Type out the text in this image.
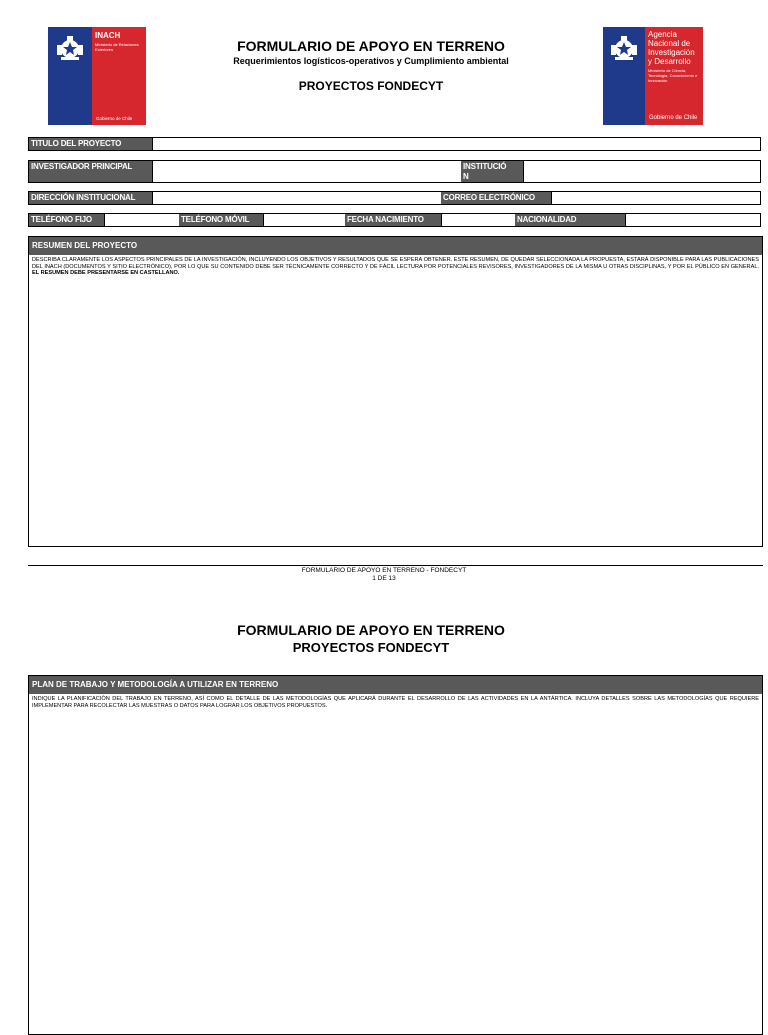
INACH
Ministerio de Relaciones Exteriores
Gobierno de Chile
FORMULARIO DE APOYO EN TERRENO
Requerimientos logísticos-operativos y Cumplimiento ambiental
PROYECTOS FONDECYT
Agencia Nacional de Investigación y Desarrollo
Ministerio de Ciencia, Tecnología, Conocimiento e Innovación
Gobierno de Chile
TITULO DEL PROYECTO
INVESTIGADOR PRINCIPAL	INSTITUCIÓ
N
DIRECCIÓN INSTITUCIONAL	CORREO ELECTRÓNICO
TELÉFONO FIJO	TELÉFONO MÓVIL	FECHA NACIMIENTO	NACIONALIDAD
RESUMEN DEL PROYECTO
DESCRIBA CLARAMENTE LOS ASPECTOS PRINCIPALES DE LA INVESTIGACIÓN, INCLUYENDO LOS OBJETIVOS Y RESULTADOS QUE SE ESPERA OBTENER. ESTE RESUMEN, DE QUEDAR SELECCIONADA LA PROPUESTA, ESTARÁ DISPONIBLE PARA LAS PUBLICACIONES DEL INACH (DOCUMENTOS Y SITIO ELECTRÓNICO), POR LO QUE SU CONTENIDO DEBE SER TÉCNICAMENTE CORRECTO Y DE FÁCIL LECTURA POR POTENCIALES REVISORES, INVESTIGADORES DE LA MISMA U OTRAS DISCIPLINAS, Y POR EL PÚBLICO EN GENERAL. EL RESUMEN DEBE PRESENTARSE EN CASTELLANO.
FORMULARIO DE APOYO EN TERRENO - FONDECYT
1 DE 13
FORMULARIO DE APOYO EN TERRENO
PROYECTOS FONDECYT
PLAN DE TRABAJO Y METODOLOGÍA A UTILIZAR EN TERRENO
INDIQUE LA PLANIFICACIÓN DEL TRABAJO EN TERRENO, ASÍ COMO EL DETALLE DE LAS METODOLOGÍAS QUE APLICARÁ DURANTE EL DESARROLLO DE LAS ACTIVIDADES EN LA ANTÁRTICA. INCLUYA DETALLES SOBRE LAS METODOLOGÍAS QUE REQUIERE IMPLEMENTAR PARA RECOLECTAR LAS MUESTRAS O DATOS PARA LOGRAR LOS OBJETIVOS PROPUESTOS.
